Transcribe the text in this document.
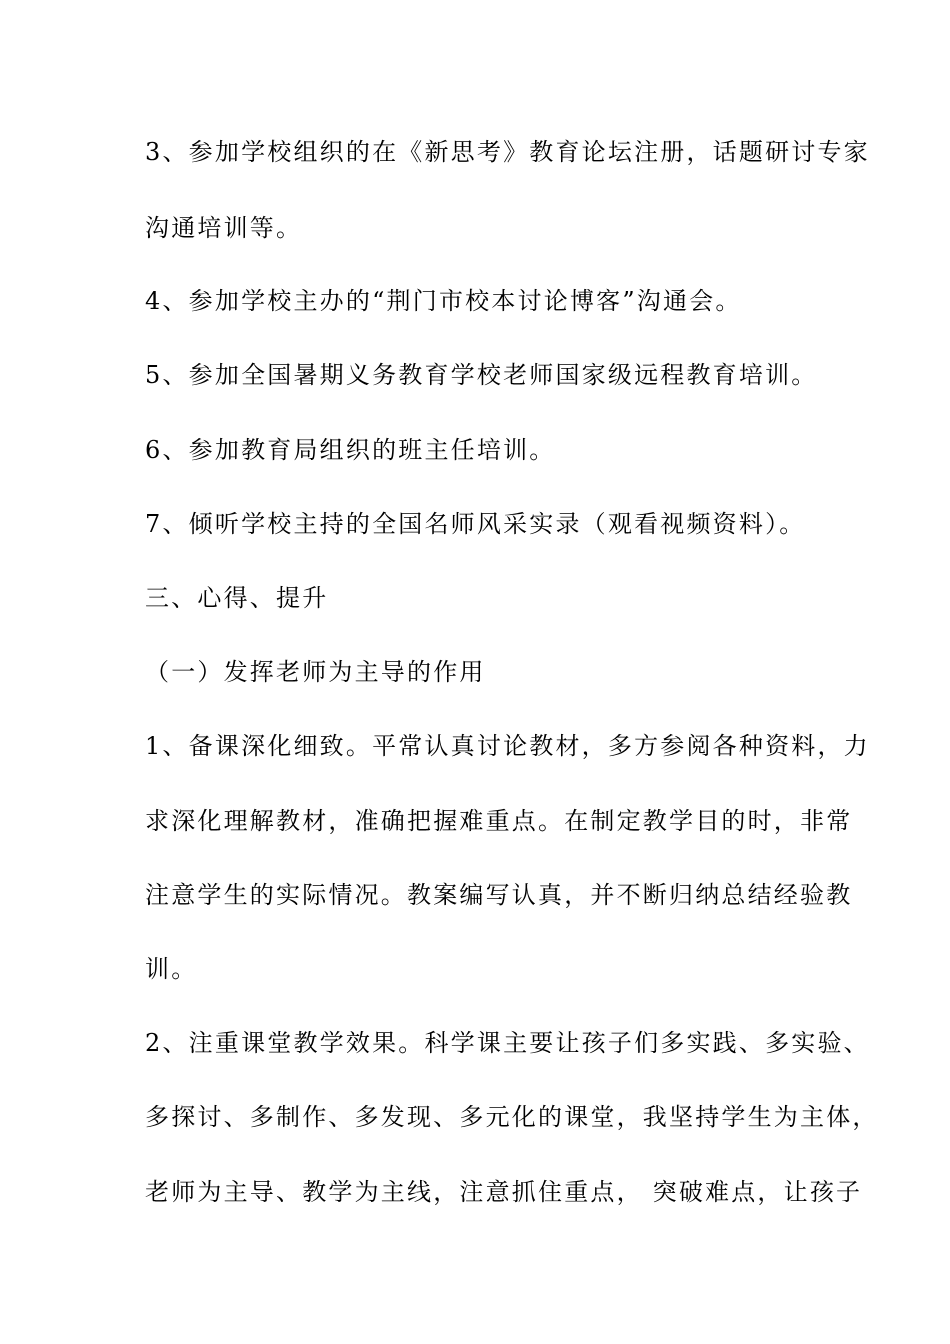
3、参加学校组织的在《新思考》教育论坛注册，话题研讨专家
沟通培训等。
4、参加学校主办的“荆门市校本讨论博客”沟通会。
5、参加全国暑期义务教育学校老师国家级远程教育培训。
6、参加教育局组织的班主任培训。
7、倾听学校主持的全国名师风采实录（观看视频资料）。
三、心得、提升
（一）发挥老师为主导的作用
1、备课深化细致。平常认真讨论教材，多方参阅各种资料，力
求深化理解教材，准确把握难重点。在制定教学目的时，非常
注意学生的实际情况。教案编写认真，并不断归纳总结经验教
训。
2、注重课堂教学效果。科学课主要让孩子们多实践、多实验、
多探讨、多制作、多发现、多元化的课堂，我坚持学生为主体，
老师为主导、教学为主线，注意抓住重点， 突破难点，让孩子
